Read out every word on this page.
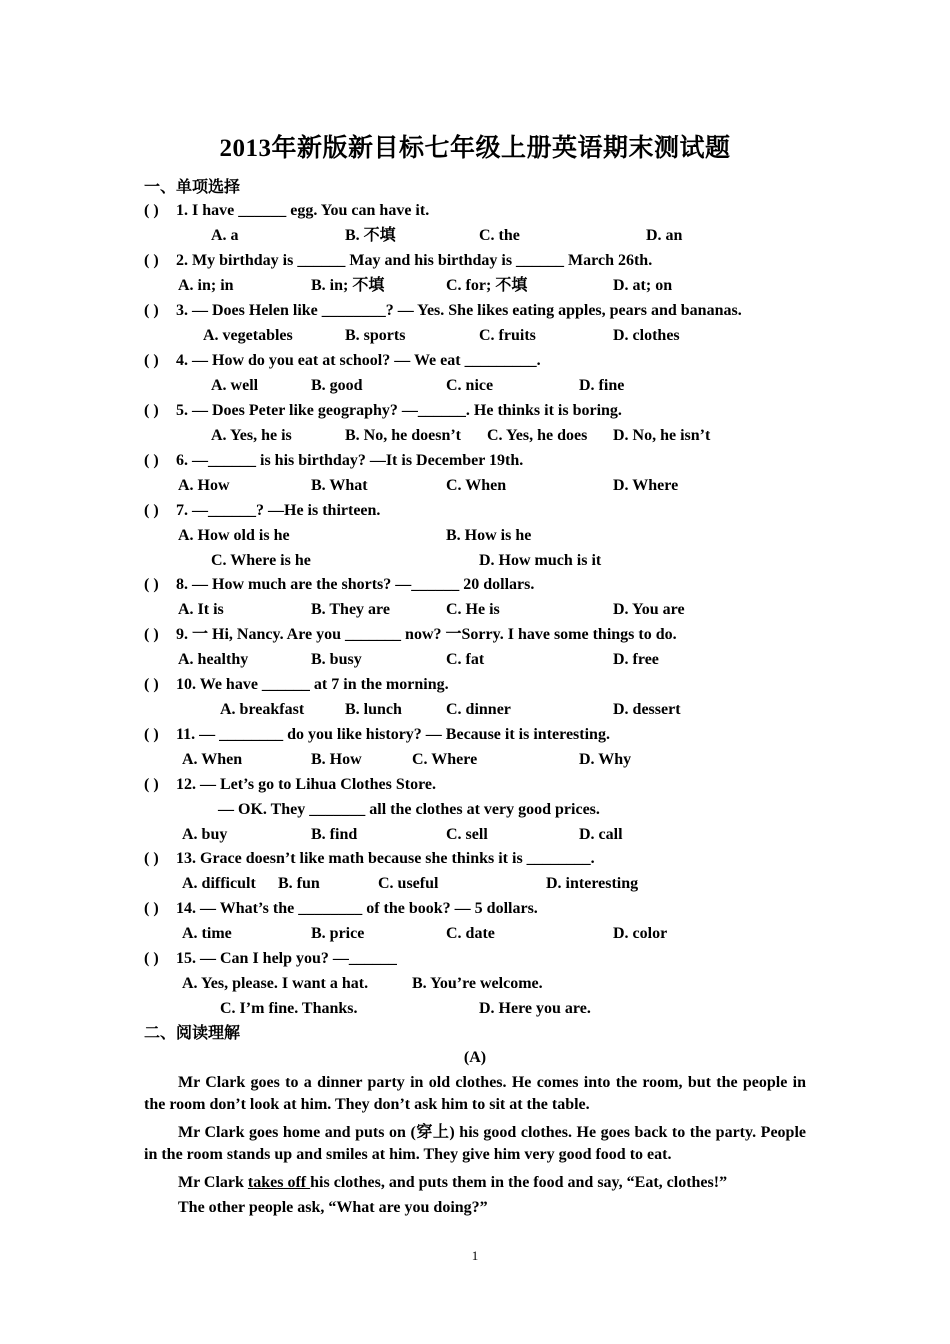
2013年新版新目标七年级上册英语期末测试题
一、单项选择
( ) 1. I have ______ egg. You can have it.
A. a	B. 不填	C. the	D. an
( ) 2. My birthday is ______ May and his birthday is ______ March 26th.
A. in; in	B. in; 不填	C. for; 不填	D. at; on
( ) 3. — Does Helen like ________? — Yes. She likes eating apples, pears and bananas.
A. vegetables	B. sports	C. fruits	D. clothes
( ) 4. — How do you eat at school? — We eat _________.
A. well	B. good	C. nice	D. fine
( ) 5. — Does Peter like geography? —______. He thinks it is boring.
A. Yes, he is	B. No, he doesn’t C. Yes, he does D. No, he isn’t
( ) 6. —______ is his birthday? —It is December 19th.
A. How	B. What	C. When	D. Where
( ) 7. —______? —He is thirteen.
A. How old is he	B. How is he
C. Where is he	D. How much is it
( ) 8. — How much are the shorts? —______ 20 dollars.
A. It is	B. They are	C. He is	D. You are
( ) 9. 一 Hi, Nancy. Are you _______ now? 一Sorry. I have some things to do.
A. healthy	B. busy	C. fat	D. free
( ) 10. We have ______ at 7 in the morning.
A. breakfast	B. lunch	C. dinner	D. dessert
( ) 11. — ________ do you like history? — Because it is interesting.
A. When	B. How	C. Where	D. Why
( ) 12. — Let’s go to Lihua Clothes Store.
— OK. They _______ all the clothes at very good prices.
A. buy	B. find	C. sell	D. call
( ) 13. Grace doesn’t like math because she thinks it is ________.
A. difficult B. fun	C. useful	D. interesting
( ) 14. — What’s the ________ of the book? — 5 dollars.
A. time	B. price	C. date	D. color
( ) 15. — Can I help you? —______
A. Yes, please. I want a hat.	B. You’re welcome.
C. I’m fine. Thanks.	D. Here you are.
二、阅读理解
(A)
Mr Clark goes to a dinner party in old clothes. He comes into the room, but the people in the room don’t look at him. They don’t ask him to sit at the table.
Mr Clark goes home and puts on (穿上) his good clothes. He goes back to the party. People in the room stands up and smiles at him. They give him very good food to eat.
Mr Clark takes off his clothes, and puts them in the food and say, “Eat, clothes!”
The other people ask, “What are you doing?”
1
